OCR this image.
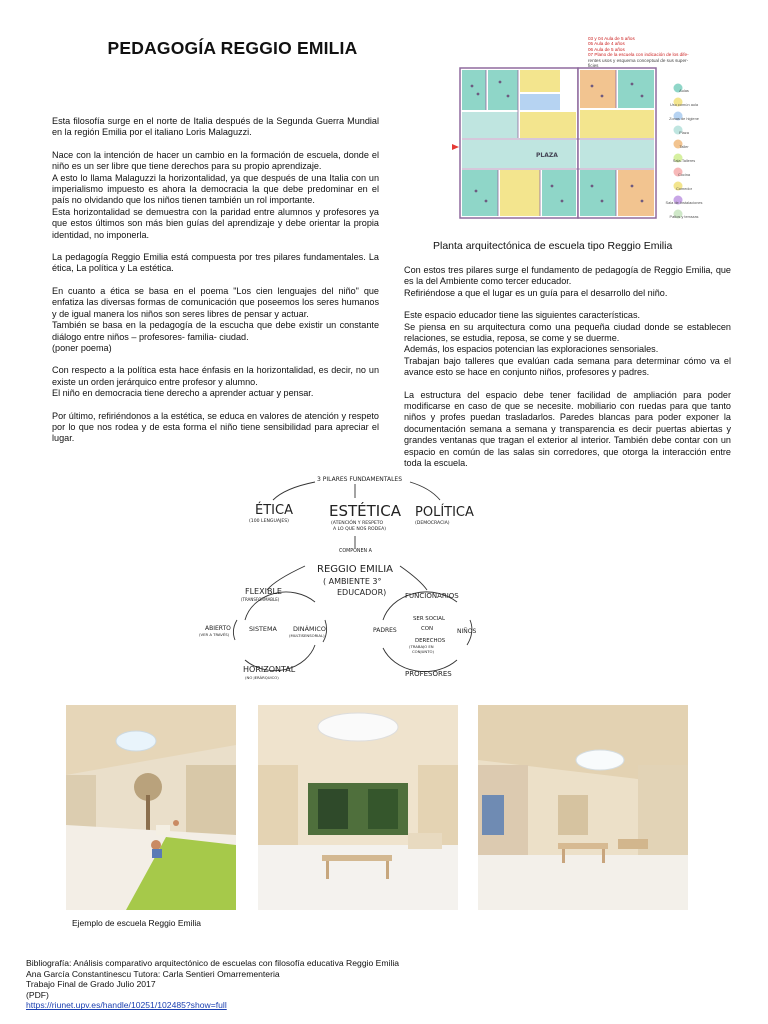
PEDAGOGÍA REGGIO EMILIA

Esta filosofía surge en el norte de Italia después de la Segunda Guerra Mundial en la región Emilia por el italiano Loris Malaguzzi.

Nace con la intención de hacer un cambio en la formación de escuela, donde el niño es un ser libre que tiene derechos para su propio aprendizaje.

A esto lo llama Malaguzzi la horizontalidad, ya que después de una Italia con un imperialismo impuesto es ahora la democracia la que debe predominar en el país no olvidando que los niños tienen también un rol importante.

Esta horizontalidad se demuestra con la paridad entre alumnos y profesores ya que estos últimos son más bien guías del aprendizaje y debe orientar la propia identidad, no imponerla.

La pedagogía Reggio Emilia está compuesta por tres pilares fundamentales. La ética, La política y La estética.

En cuanto a ética se basa en el poema "Los cien lenguajes del niño" que enfatiza las diversas formas de comunicación que poseemos los seres humanos y de igual manera los niños son seres libres de pensar y actuar.

También se basa en la pedagogía de la escucha que debe existir un constante diálogo entre niños – profesores- familia- ciudad.

(poner poema)

Con respecto a la política esta hace énfasis en la horizontalidad, es decir, no un existe un orden jerárquico entre profesor y alumno.

El niño en democracia tiene derecho a aprender actuar y pensar.

Por último, refiriéndonos a la estética, se educa en valores de atención y respeto por lo que nos rodea y de esta forma el niño tiene sensibilidad para apreciar el lugar.

PLAZA
03 y 04 Aula de 5 años
05 Aula de 4 años
06 Aula de 5 años
07 Plano de la escuela con indicación de los dife-
rentes usos y esquema conceptual de sus super-
ficies
Aulas
Uso común aula
Zonas de higiene
Plaza
Taller
Sala-Talleres
Cocina
Comedor
Sala de Instalaciones
Patios y terrazas
Planta arquitectónica de escuela tipo Reggio Emilia

Con estos tres pilares surge el fundamento de pedagogía de Reggio Emilia, que es la del Ambiente como tercer educador.

Refiriéndose a que el lugar es un guía para el desarrollo del niño.

Este espacio educador tiene las siguientes características.

Se piensa en su arquitectura como una pequeña ciudad donde se establecen relaciones, se estudia, reposa, se come y se duerme.

Además, los espacios potencian las exploraciones sensoriales.

Trabajan bajo talleres que evalúan cada semana para determinar cómo va el avance esto se hace en conjunto niños, profesores y padres.

La estructura del espacio debe tener facilidad de ampliación para poder modificarse en caso de que se necesite. mobiliario con ruedas para que tanto niños y profes puedan trasladarlos. Paredes blancas para poder exponer la documentación semana a semana y transparencia es decir puertas abiertas y grandes ventanas que tragan el exterior al interior. También debe contar con un espacio en común de las salas sin corredores, que otorga la interacción entre toda la escuela.

3 PILARES FUNDAMENTALES
ÉTICA
(100 LENGUAJES)
ESTÉTICA
(ATENCIÓN Y RESPETO
A LO QUE NOS RODEA)
POLÍTICA
(DEMOCRACIA)
COMPONEN A
REGGIO EMILIA
( AMBIENTE 3°
EDUCADOR)
FLEXIBLE
(TRANSFORMABLE)
ABIERTO
(VER A TRAVÉS)
SISTEMA	DINÁMICO
(MULTISENSORIAL)
HORIZONTAL
(NO JERÁRQUICO)
FUNCIONARIOS
PADRES
SER SOCIAL
CON
DERECHOS
(TRABAJO EN
CONJUNTO)
NIÑOS
PROFESORES
Ejemplo de escuela Reggio Emilia
Bibliografía: Análisis comparativo arquitectónico de escuelas con filosofía educativa Reggio Emilia
Ana García Constantinescu Tutora: Carla Sentieri Omarrementeria
Trabajo Final de Grado Julio 2017
(PDF)
https://riunet.upv.es/handle/10251/102485?show=full
